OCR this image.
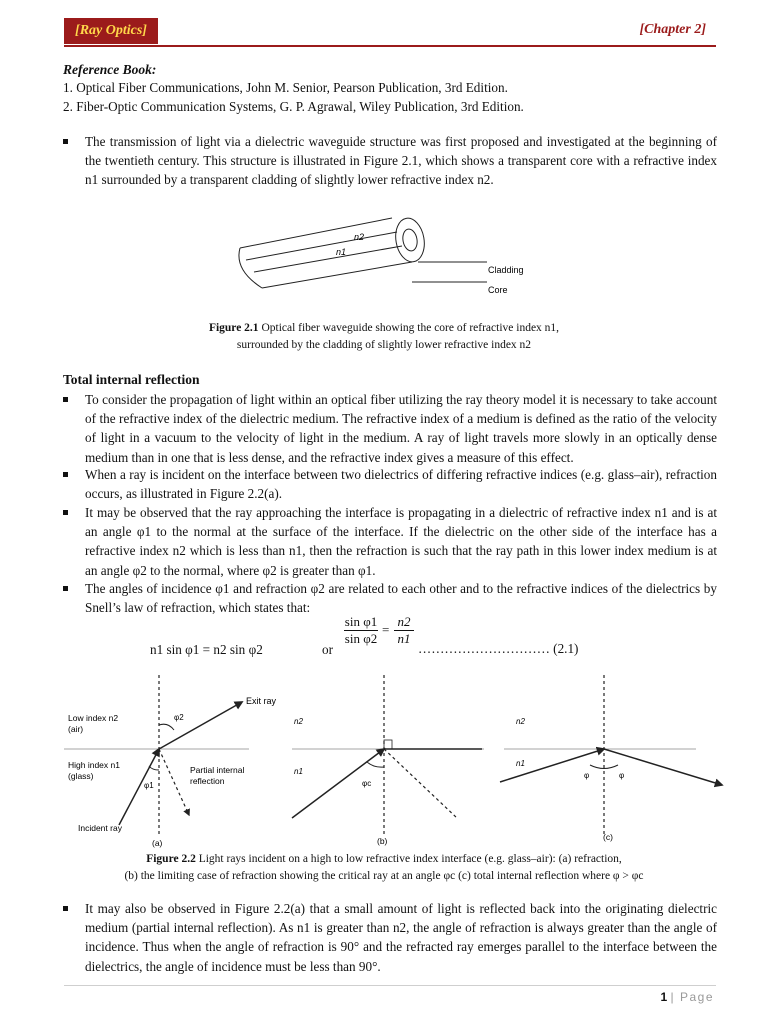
[Ray Optics]	[Chapter 2]
Reference Book:
1. Optical Fiber Communications, John M. Senior, Pearson Publication, 3rd Edition.
2. Fiber-Optic Communication Systems, G. P. Agrawal, Wiley Publication, 3rd Edition.
The transmission of light via a dielectric waveguide structure was first proposed and investigated at the beginning of the twentieth century. This structure is illustrated in Figure 2.1, which shows a transparent core with a refractive index n1 surrounded by a transparent cladding of slightly lower refractive index n2.
n2
n1
Cladding
Core
Figure 2.1 Optical fiber waveguide showing the core of refractive index n1,
surrounded by the cladding of slightly lower refractive index n2
Total internal reflection
To consider the propagation of light within an optical fiber utilizing the ray theory model it is necessary to take account of the refractive index of the dielectric medium. The refractive index of a medium is defined as the ratio of the velocity of light in a vacuum to the velocity of light in the medium. A ray of light travels more slowly in an optically dense medium than in one that is less dense, and the refractive index gives a measure of this effect.
When a ray is incident on the interface between two dielectrics of differing refractive indices (e.g. glass–air), refraction occurs, as illustrated in Figure 2.2(a).
It may be observed that the ray approaching the interface is propagating in a dielectric of refractive index n1 and is at an angle φ1 to the normal at the surface of the interface. If the dielectric on the other side of the interface has a refractive index n2 which is less than n1, then the refraction is such that the ray path in this lower index medium is at an angle φ2 to the normal, where φ2 is greater than φ1.
The angles of incidence φ1 and refraction φ2 are related to each other and to the refractive indices of the dielectrics by Snell’s law of refraction, which states that:
n1 sin φ1 = n2 sin φ2	or
$\frac{\text{sin φ1}}{\text{sin φ2}} = \frac{n2}{n1}$
………………………… (2.1)
Exit ray
Low index n2
(air)
High index n1
(glass)
Partial internal
reflection
Incident ray
φ2
φ1
(a)
n2
n1
φc
(b)
n2
n1
φ	φ
(c)
Figure 2.2 Light rays incident on a high to low refractive index interface (e.g. glass–air): (a) refraction,
(b) the limiting case of refraction showing the critical ray at an angle φc (c) total internal reflection where φ > φc
It may also be observed in Figure 2.2(a) that a small amount of light is reflected back into the originating dielectric medium (partial internal reflection). As n1 is greater than n2, the angle of refraction is always greater than the angle of incidence. Thus when the angle of refraction is 90° and the refracted ray emerges parallel to the interface between the dielectrics, the angle of incidence must be less than 90°.
1 | Page
